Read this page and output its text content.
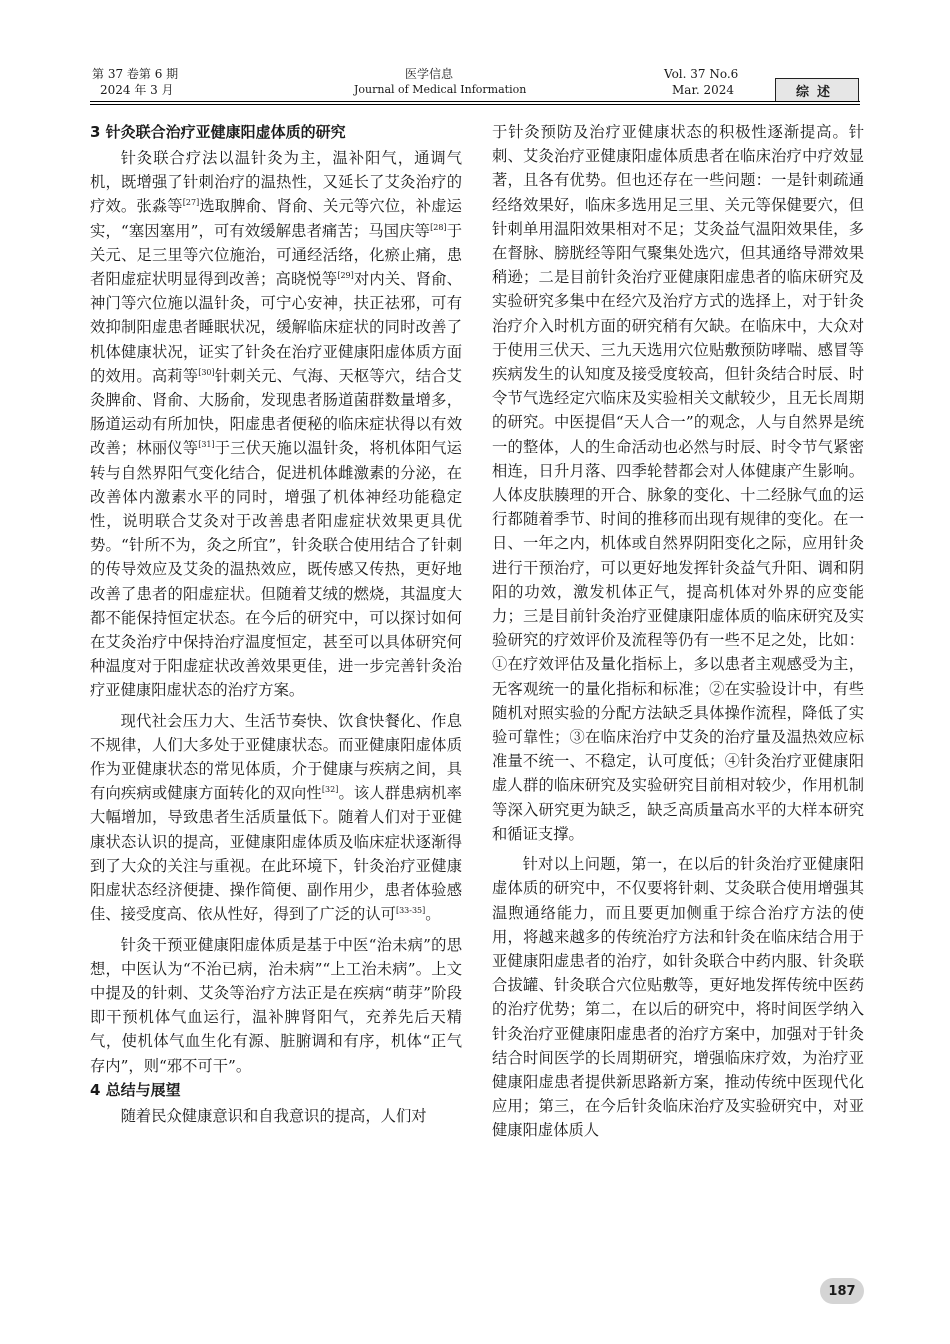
第 37 卷第 6 期
2024 年 3 月
医学信息
Journal of Medical Information
Vol. 37 No.6
Mar. 2024	综述
3 针灸联合治疗亚健康阳虚体质的研究

针灸联合疗法以温针灸为主，温补阳气，通调气机，既增强了针刺治疗的温热性，又延长了艾灸治疗的疗效。张淼等[27]选取脾俞、肾俞、关元等穴位，补虚运实，“塞因塞用”，可有效缓解患者痛苦；马国庆等[28]于关元、足三里等穴位施治，可通经活络，化瘀止痛，患者阳虚症状明显得到改善；高晓悦等[29]对内关、肾俞、神门等穴位施以温针灸，可宁心安神，扶正祛邪，可有效抑制阳虚患者睡眠状况，缓解临床症状的同时改善了机体健康状况，证实了针灸在治疗亚健康阳虚体质方面的效用。高莉等[30]针刺关元、气海、天枢等穴，结合艾灸脾俞、肾俞、大肠俞，发现患者肠道菌群数量增多，肠道运动有所加快，阳虚患者便秘的临床症状得以有效改善；林丽仪等[31]于三伏天施以温针灸，将机体阳气运转与自然界阳气变化结合，促进机体雌激素的分泌，在改善体内激素水平的同时，增强了机体神经功能稳定性，说明联合艾灸对于改善患者阳虚症状效果更具优势。“针所不为，灸之所宜”，针灸联合使用结合了针刺的传导效应及艾灸的温热效应，既传感又传热，更好地改善了患者的阳虚症状。但随着艾绒的燃烧，其温度大都不能保持恒定状态。在今后的研究中，可以探讨如何在艾灸治疗中保持治疗温度恒定，甚至可以具体研究何种温度对于阳虚症状改善效果更佳，进一步完善针灸治疗亚健康阳虚状态的治疗方案。

现代社会压力大、生活节奏快、饮食快餐化、作息不规律，人们大多处于亚健康状态。而亚健康阳虚体质作为亚健康状态的常见体质，介于健康与疾病之间，具有向疾病或健康方面转化的双向性[32]。该人群患病机率大幅增加，导致患者生活质量低下。随着人们对于亚健康状态认识的提高，亚健康阳虚体质及临床症状逐渐得到了大众的关注与重视。在此环境下，针灸治疗亚健康阳虚状态经济便捷、操作简便、副作用少，患者体验感佳、接受度高、依从性好，得到了广泛的认可[33-35]。

针灸干预亚健康阳虚体质是基于中医“治未病”的思想，中医认为“不治已病，治未病”“上工治未病”。上文中提及的针刺、艾灸等治疗方法正是在疾病“萌芽”阶段即干预机体气血运行，温补脾肾阳气，充养先后天精气，使机体气血生化有源、脏腑调和有序，机体“正气存内”，则“邪不可干”。

4 总结与展望

随着民众健康意识和自我意识的提高，人们对

于针灸预防及治疗亚健康状态的积极性逐渐提高。针刺、艾灸治疗亚健康阳虚体质患者在临床治疗中疗效显著，且各有优势。但也还存在一些问题：一是针刺疏通经络效果好，临床多选用足三里、关元等保健要穴，但针刺单用温阳效果相对不足；艾灸益气温阳效果佳，多在督脉、膀胱经等阳气聚集处选穴，但其通络导滞效果稍逊；二是目前针灸治疗亚健康阳虚患者的临床研究及实验研究多集中在经穴及治疗方式的选择上，对于针灸治疗介入时机方面的研究稍有欠缺。在临床中，大众对于使用三伏天、三九天选用穴位贴敷预防哮喘、感冒等疾病发生的认知度及接受度较高，但针灸结合时辰、时令节气选经定穴临床及实验相关文献较少，且无长周期的研究。中医提倡“天人合一”的观念，人与自然界是统一的整体，人的生命活动也必然与时辰、时令节气紧密相连，日升月落、四季轮替都会对人体健康产生影响。人体皮肤腠理的开合、脉象的变化、十二经脉气血的运行都随着季节、时间的推移而出现有规律的变化。在一日、一年之内，机体或自然界阴阳变化之际，应用针灸进行干预治疗，可以更好地发挥针灸益气升阳、调和阴阳的功效，激发机体正气，提高机体对外界的应变能力；三是目前针灸治疗亚健康阳虚体质的临床研究及实验研究的疗效评价及流程等仍有一些不足之处，比如：①在疗效评估及量化指标上，多以患者主观感受为主，无客观统一的量化指标和标准；②在实验设计中，有些随机对照实验的分配方法缺乏具体操作流程，降低了实验可靠性；③在临床治疗中艾灸的治疗量及温热效应标准量不统一、不稳定，认可度低；④针灸治疗亚健康阳虚人群的临床研究及实验研究目前相对较少，作用机制等深入研究更为缺乏，缺乏高质量高水平的大样本研究和循证支撑。

针对以上问题，第一，在以后的针灸治疗亚健康阳虚体质的研究中，不仅要将针刺、艾灸联合使用增强其温煦通络能力，而且要更加侧重于综合治疗方法的使用，将越来越多的传统治疗方法和针灸在临床结合用于亚健康阳虚患者的治疗，如针灸联合中药内服、针灸联合拔罐、针灸联合穴位贴敷等，更好地发挥传统中医药的治疗优势；第二，在以后的研究中，将时间医学纳入针灸治疗亚健康阳虚患者的治疗方案中，加强对于针灸结合时间医学的长周期研究，增强临床疗效，为治疗亚健康阳虚患者提供新思路新方案，推动传统中医现代化应用；第三，在今后针灸临床治疗及实验研究中，对亚健康阳虚体质人

187
